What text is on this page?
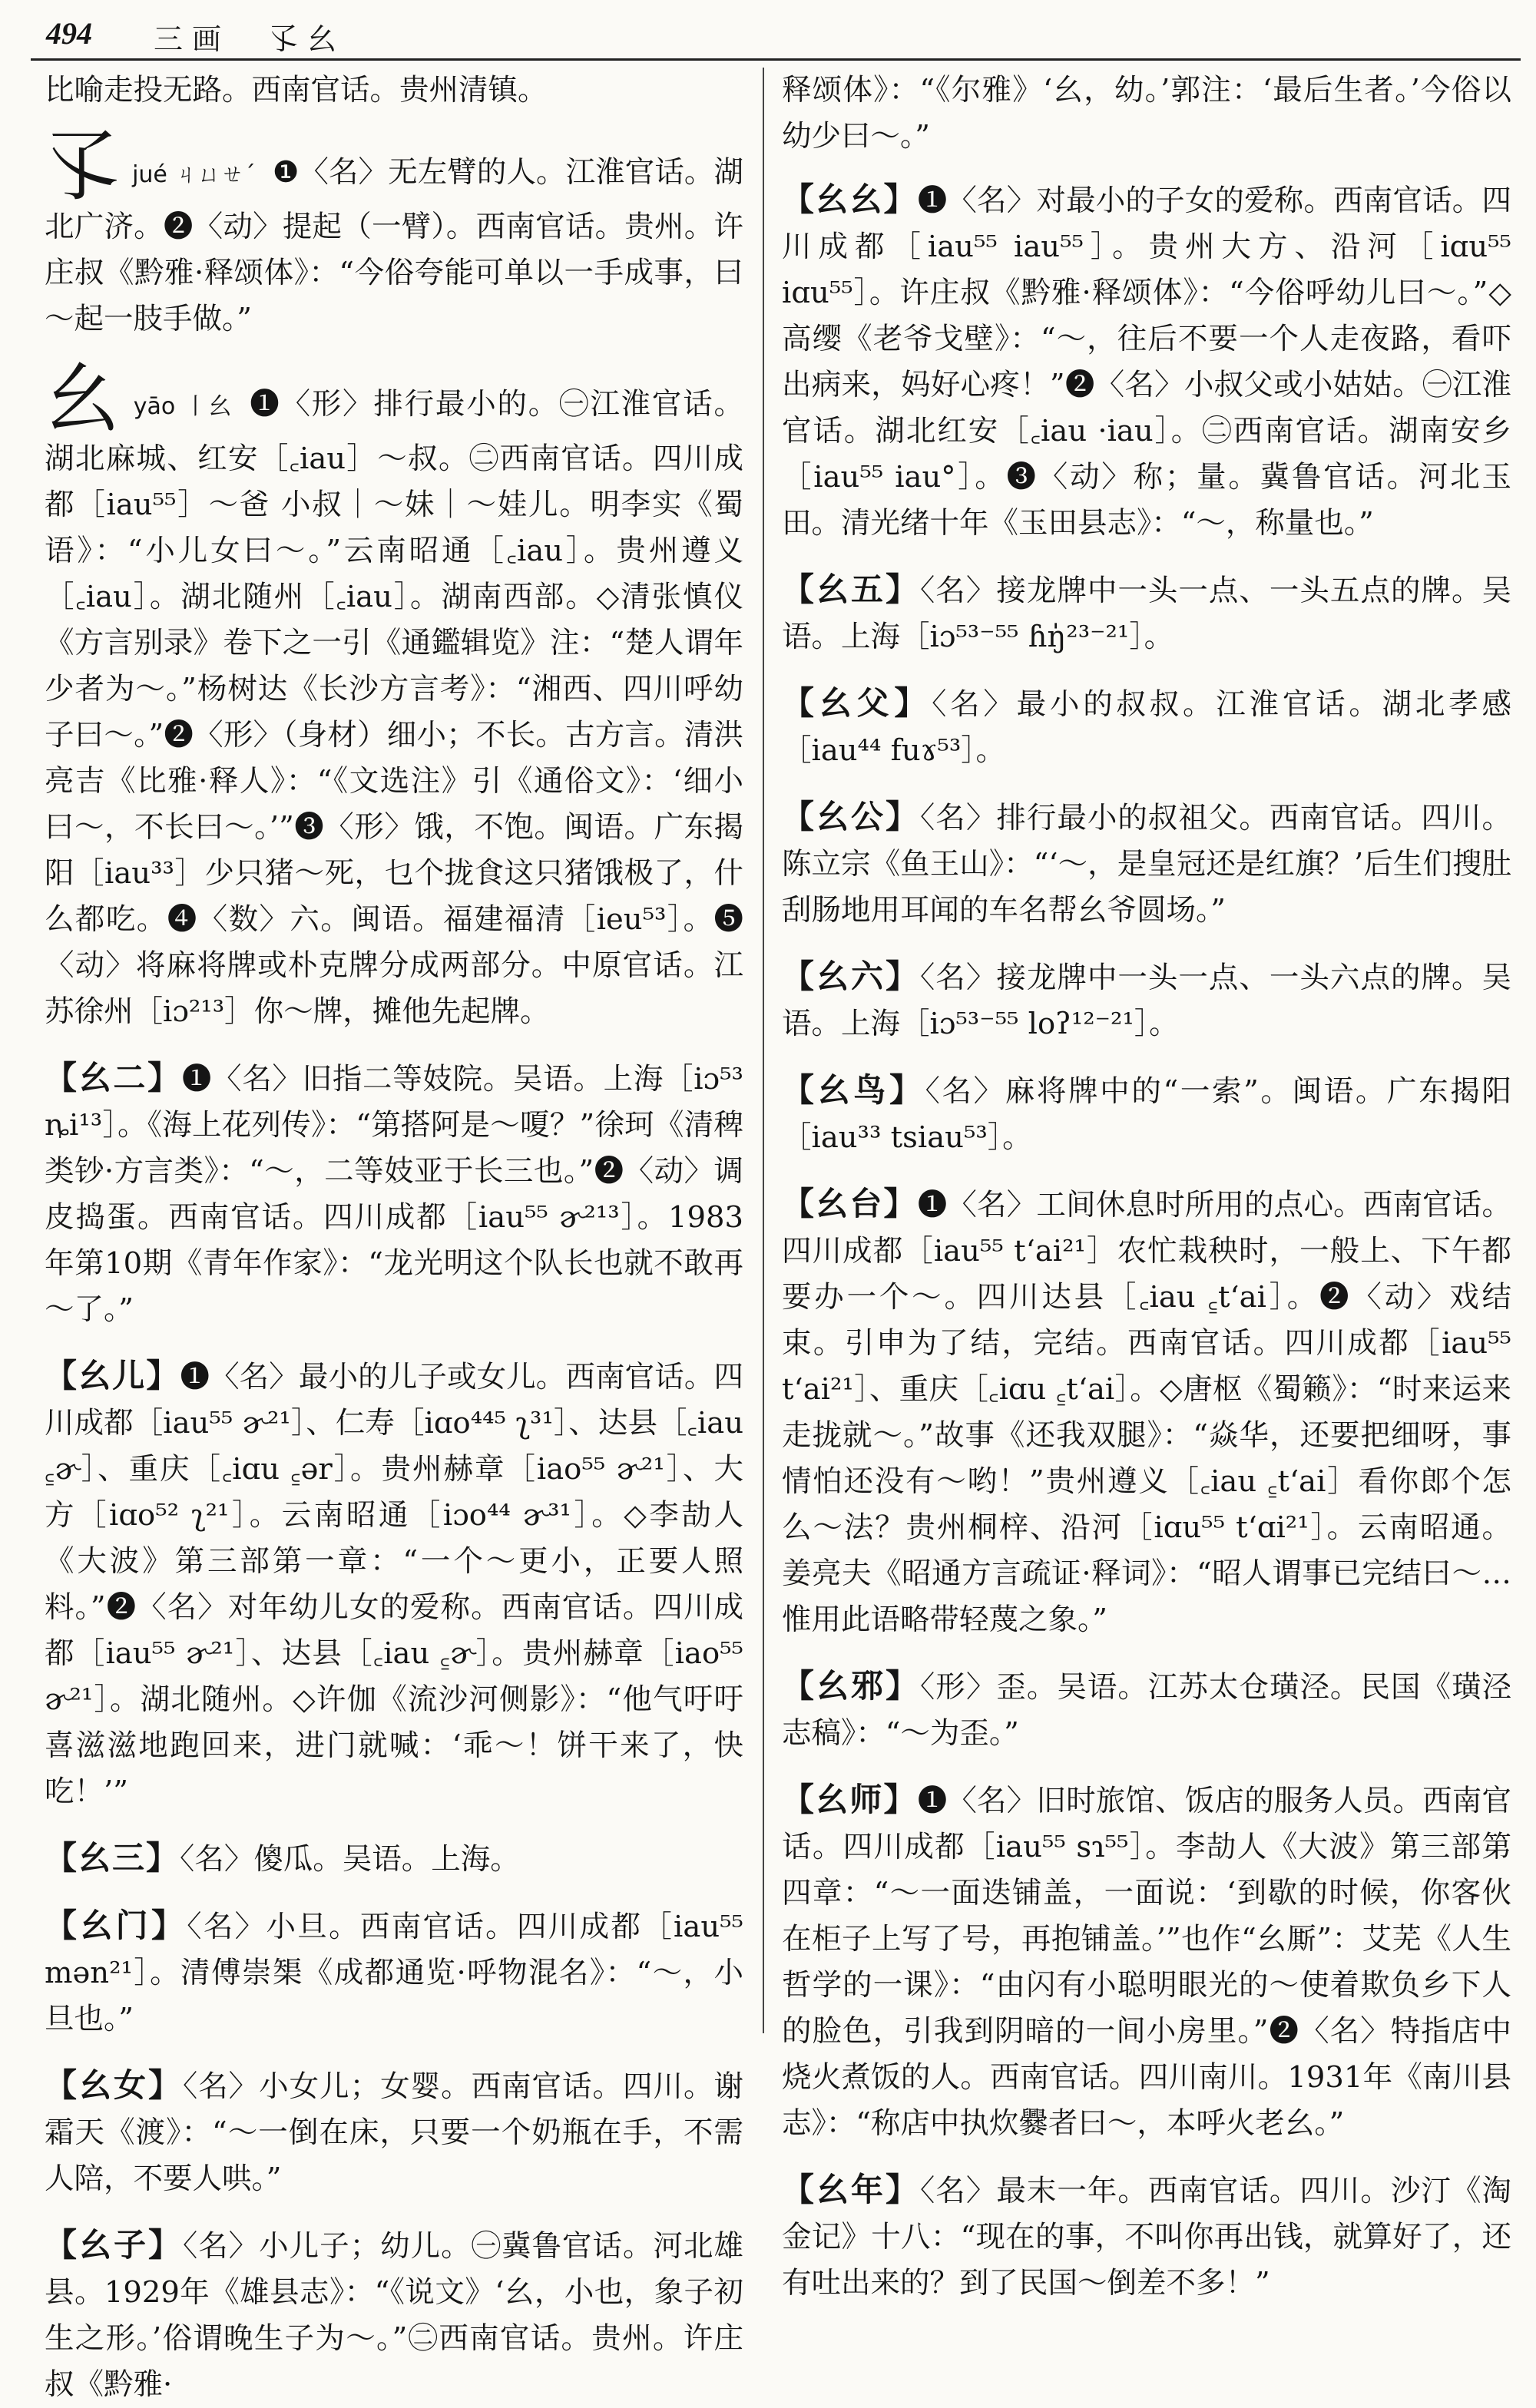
494 三画　孓幺

比喻走投无路。西南官话。贵州清镇。

孓jué ㄐㄩㄝˊ ❶〈名〉无左臂的人。江淮官话。湖北广济。❷〈动〉提起（一臂）。西南官话。贵州。许庄叔《黔雅·释颂体》：“今俗夸能可单以一手成事，曰～起一肢手做。”

幺yāo 丨幺 ❶〈形〉排行最小的。㊀江淮官话。湖北麻城、红安［꜀iau］～叔。㊁西南官话。四川成都［iau⁵⁵］～爸 小叔｜～妹｜～娃儿。明李实《蜀语》：“小儿女曰～。”云南昭通［꜀iau］。贵州遵义［꜀iau］。湖北随州［꜀iau］。湖南西部。◇清张慎仪《方言别录》卷下之一引《通鑑辑览》注：“楚人谓年少者为～。”杨树达《长沙方言考》：“湘西、四川呼幼子曰～。”❷〈形〉（身材）细小；不长。古方言。清洪亮吉《比雅·释人》：“《文选注》引《通俗文》：‘细小曰～，不长曰～。’”❸〈形〉饿，不饱。闽语。广东揭阳［iau³³］少只猪～死，乜个拢食这只猪饿极了，什么都吃。❹〈数〉六。闽语。福建福清［ieu⁵³］。❺〈动〉将麻将牌或朴克牌分成两部分。中原官话。江苏徐州［iɔ²¹³］你～牌，摊他先起牌。

【幺二】❶〈名〉旧指二等妓院。吴语。上海［iɔ⁵³ ȵi¹³］。《海上花列传》：“第搭阿是～嗄？”徐珂《清稗类钞·方言类》：“～，二等妓亚于长三也。”❷〈动〉调皮捣蛋。西南官话。四川成都［iau⁵⁵ ɚ²¹³］。1983年第10期《青年作家》：“龙光明这个队长也就不敢再～了。”

【幺儿】❶〈名〉最小的儿子或女儿。西南官话。四川成都［iau⁵⁵ ɚ²¹］、仁寿［iɑo⁴⁴⁵ ʅ³¹］、达县［꜀iau ꜁ɚ］、重庆［꜀iɑu ꜁ər］。贵州赫章［iao⁵⁵ ɚ²¹］、大方［iɑo⁵² ʅ²¹］。云南昭通［iɔo⁴⁴ ɚ³¹］。◇李劼人《大波》第三部第一章：“一个～更小，正要人照料。”❷〈名〉对年幼儿女的爱称。西南官话。四川成都［iau⁵⁵ ɚ²¹］、达县［꜀iau ꜁ɚ］。贵州赫章［iao⁵⁵ ɚ²¹］。湖北随州。◇许伽《流沙河侧影》：“他气吁吁喜滋滋地跑回来，进门就喊：‘乖～！饼干来了，快吃！’”

【幺三】〈名〉傻瓜。吴语。上海。

【幺门】〈名〉小旦。西南官话。四川成都［iau⁵⁵ mən²¹］。清傅崇榘《成都通览·呼物混名》：“～，小旦也。”

【幺女】〈名〉小女儿；女婴。西南官话。四川。谢霜天《渡》：“～一倒在床，只要一个奶瓶在手，不需人陪，不要人哄。”

【幺子】〈名〉小儿子；幼儿。㊀冀鲁官话。河北雄县。1929年《雄县志》：“《说文》‘幺，小也，象子初生之形。’俗谓晚生子为～。”㊁西南官话。贵州。许庄叔《黔雅·

释颂体》：“《尔雅》‘幺，幼。’郭注：‘最后生者。’今俗以幼少曰～。”

【幺幺】❶〈名〉对最小的子女的爱称。西南官话。四川成都［iau⁵⁵ iau⁵⁵］。贵州大方、沿河［iɑu⁵⁵ iɑu⁵⁵］。许庄叔《黔雅·释颂体》：“今俗呼幼儿曰～。”◇高缨《老爷戈壁》：“～，往后不要一个人走夜路，看吓出病来，妈好心疼！”❷〈名〉小叔父或小姑姑。㊀江淮官话。湖北红安［꜀iau ·iau］。㊁西南官话。湖南安乡［iau⁵⁵ iau°］。❸〈动〉称；量。冀鲁官话。河北玉田。清光绪十年《玉田县志》：“～，称量也。”

【幺五】〈名〉接龙牌中一头一点、一头五点的牌。吴语。上海［iɔ⁵³⁻⁵⁵ ɦŋ̍²³⁻²¹］。

【幺父】〈名〉最小的叔叔。江淮官话。湖北孝感［iau⁴⁴ fuɤ⁵³］。

【幺公】〈名〉排行最小的叔祖父。西南官话。四川。陈立宗《鱼王山》：“‘～，是皇冠还是红旗？’后生们搜肚刮肠地用耳闻的车名帮幺爷圆场。”

【幺六】〈名〉接龙牌中一头一点、一头六点的牌。吴语。上海［iɔ⁵³⁻⁵⁵ loʔ¹²⁻²¹］。

【幺鸟】〈名〉麻将牌中的“一索”。闽语。广东揭阳［iau³³ tsiau⁵³］。

【幺台】❶〈名〉工间休息时所用的点心。西南官话。四川成都［iau⁵⁵ t‘ai²¹］农忙栽秧时，一般上、下午都要办一个～。四川达县［꜀iau ꜁t‘ai］。❷〈动〉戏结束。引申为了结，完结。西南官话。四川成都［iau⁵⁵ t‘ai²¹］、重庆［꜀iɑu ꜁t‘ai］。◇唐枢《蜀籁》：“时来运来走拢就～。”故事《还我双腿》：“焱华，还要把细呀，事情怕还没有～哟！”贵州遵义［꜀iau ꜁t‘ai］看你郎个怎么～法？贵州桐梓、沿河［iɑu⁵⁵ t‘ɑi²¹］。云南昭通。姜亮夫《昭通方言疏证·释词》：“昭人谓事已完结曰～…惟用此语略带轻蔑之象。”

【幺邪】〈形〉歪。吴语。江苏太仓璜泾。民国《璜泾志稿》：“～为歪。”

【幺师】❶〈名〉旧时旅馆、饭店的服务人员。西南官话。四川成都［iau⁵⁵ sɿ⁵⁵］。李劼人《大波》第三部第四章：“～一面迭铺盖，一面说：‘到歇的时候，你客伙在柜子上写了号，再抱铺盖。’”也作“幺厮”：艾芜《人生哲学的一课》：“由闪有小聪明眼光的～使着欺负乡下人的脸色，引我到阴暗的一间小房里。”❷〈名〉特指店中烧火煮饭的人。西南官话。四川南川。1931年《南川县志》：“称店中执炊爨者曰～，本呼火老幺。”

【幺年】〈名〉最末一年。西南官话。四川。沙汀《淘金记》十八：“现在的事，不叫你再出钱，就算好了，还有吐出来的？到了民国～倒差不多！”
